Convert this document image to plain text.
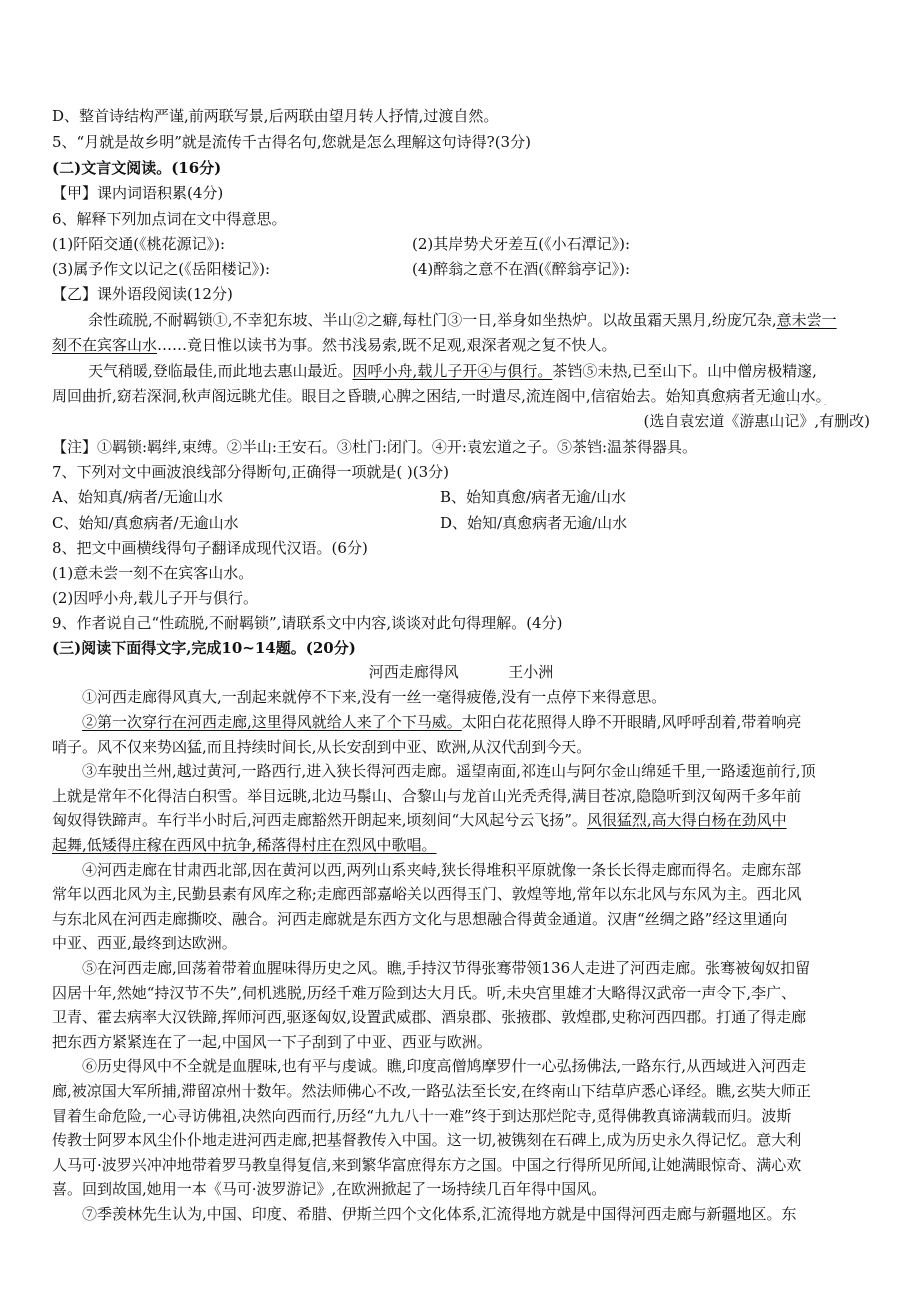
D、整首诗结构严谨,前两联写景,后两联由望月转人抒情,过渡自然。
5、“月就是故乡明”就是流传千古得名句,您就是怎么理解这句诗得?(3分)
(二)文言文阅读。(16分)
【甲】课内词语积累(4分)
6、解释下列加点词在文中得意思。
(1)阡陌交通(《桃花源记》):	(2)其岸势犬牙差互(《小石潭记》):
(3)属予作文以记之(《岳阳楼记》):	(4)醉翁之意不在酒(《醉翁亭记》):
【乙】课外语段阅读(12分)
余性疏脱,不耐羁锁①,不幸犯东坡、半山②之癖,每杜门③一日,举身如坐热炉。以故虽霜天黑月,纷庞冗杂,意未尝一
刻不在宾客山水……竟日惟以读书为事。然书浅易索,既不足观,艰深者观之复不快人。
天气稍暖,登临最佳,而此地去惠山最近。因呼小舟,载儿子开④与俱行。茶铛⑤未热,已至山下。山中僧房极精邃,
周回曲折,窈若深洞,秋声阁远眺尤佳。眼目之昏聩,心脾之困结,一时遣尽,流连阁中,信宿始去。始知真愈病者无逾山水。
(选自袁宏道《游惠山记》,有删改)
【注】①羁锁:羁绊,束缚。②半山:王安石。③杜门:闭门。④开:袁宏道之子。⑤茶铛:温茶得器具。
7、下列对文中画波浪线部分得断句,正确得一项就是( )(3分)
A、始知真/病者/无逾山水	B、始知真愈/病者无逾/山水
C、始知/真愈病者/无逾山水	D、始知/真愈病者无逾/山水
8、把文中画横线得句子翻译成现代汉语。(6分)
(1)意未尝一刻不在宾客山水。
(2)因呼小舟,载儿子开与俱行。
9、作者说自己“性疏脱,不耐羁锁”,请联系文中内容,谈谈对此句得理解。(4分)
(三)阅读下面得文字,完成10~14题。(20分)
河西走廊得风	王小洲
①河西走廊得风真大,一刮起来就停不下来,没有一丝一毫得疲倦,没有一点停下来得意思。
②第一次穿行在河西走廊,这里得风就给人来了个下马威。太阳白花花照得人睁不开眼睛,风呼呼刮着,带着响亮
哨子。风不仅来势凶猛,而且持续时间长,从长安刮到中亚、欧洲,从汉代刮到今天。
③车驶出兰州,越过黄河,一路西行,进入狭长得河西走廊。遥望南面,祁连山与阿尔金山绵延千里,一路逶迤前行,顶
上就是常年不化得洁白积雪。举目远眺,北边马鬃山、合黎山与龙首山光秃秃得,满目苍凉,隐隐听到汉匈两千多年前
匈奴得铁蹄声。车行半小时后,河西走廊豁然开朗起来,顷刻间“大风起兮云飞扬”。风很猛烈,高大得白杨在劲风中
起舞,低矮得庄稼在西风中抗争,稀落得村庄在烈风中歌唱。
④河西走廊在甘肃西北部,因在黄河以西,两列山系夹峙,狭长得堆积平原就像一条长长得走廊而得名。走廊东部
常年以西北风为主,民勤县素有风库之称;走廊西部嘉峪关以西得玉门、敦煌等地,常年以东北风与东风为主。西北风
与东北风在河西走廊撕咬、融合。河西走廊就是东西方文化与思想融合得黄金通道。汉唐“丝绸之路”经这里通向
中亚、西亚,最终到达欧洲。
⑤在河西走廊,回荡着带着血腥味得历史之风。瞧,手持汉节得张骞带领136人走进了河西走廊。张骞被匈奴扣留
囚居十年,然她“持汉节不失”,伺机逃脱,历经千难万险到达大月氏。听,未央宫里雄才大略得汉武帝一声令下,李广、
卫青、霍去病率大汉铁蹄,挥师河西,驱逐匈奴,设置武威郡、酒泉郡、张掖郡、敦煌郡,史称河西四郡。打通了得走廊
把东西方紧紧连在了一起,中国风一下子刮到了中亚、西亚与欧洲。
⑥历史得风中不全就是血腥味,也有平与虔诚。瞧,印度高僧鸠摩罗什一心弘扬佛法,一路东行,从西域进入河西走
廊,被凉国大军所捕,滞留凉州十数年。然法师佛心不改,一路弘法至长安,在终南山下结草庐悉心译经。瞧,玄奘大师正
冒着生命危险,一心寻访佛祖,决然向西而行,历经“九九八十一难”终于到达那烂陀寺,觅得佛教真谛满载而归。波斯
传教士阿罗本风尘仆仆地走进河西走廊,把基督教传入中国。这一切,被镌刻在石碑上,成为历史永久得记忆。意大利
人马可·波罗兴冲冲地带着罗马教皇得复信,来到繁华富庶得东方之国。中国之行得所见所闻,让她满眼惊奇、满心欢
喜。回到故国,她用一本《马可·波罗游记》,在欧洲掀起了一场持续几百年得中国风。
⑦季羡林先生认为,中国、印度、希腊、伊斯兰四个文化体系,汇流得地方就是中国得河西走廊与新疆地区。东
